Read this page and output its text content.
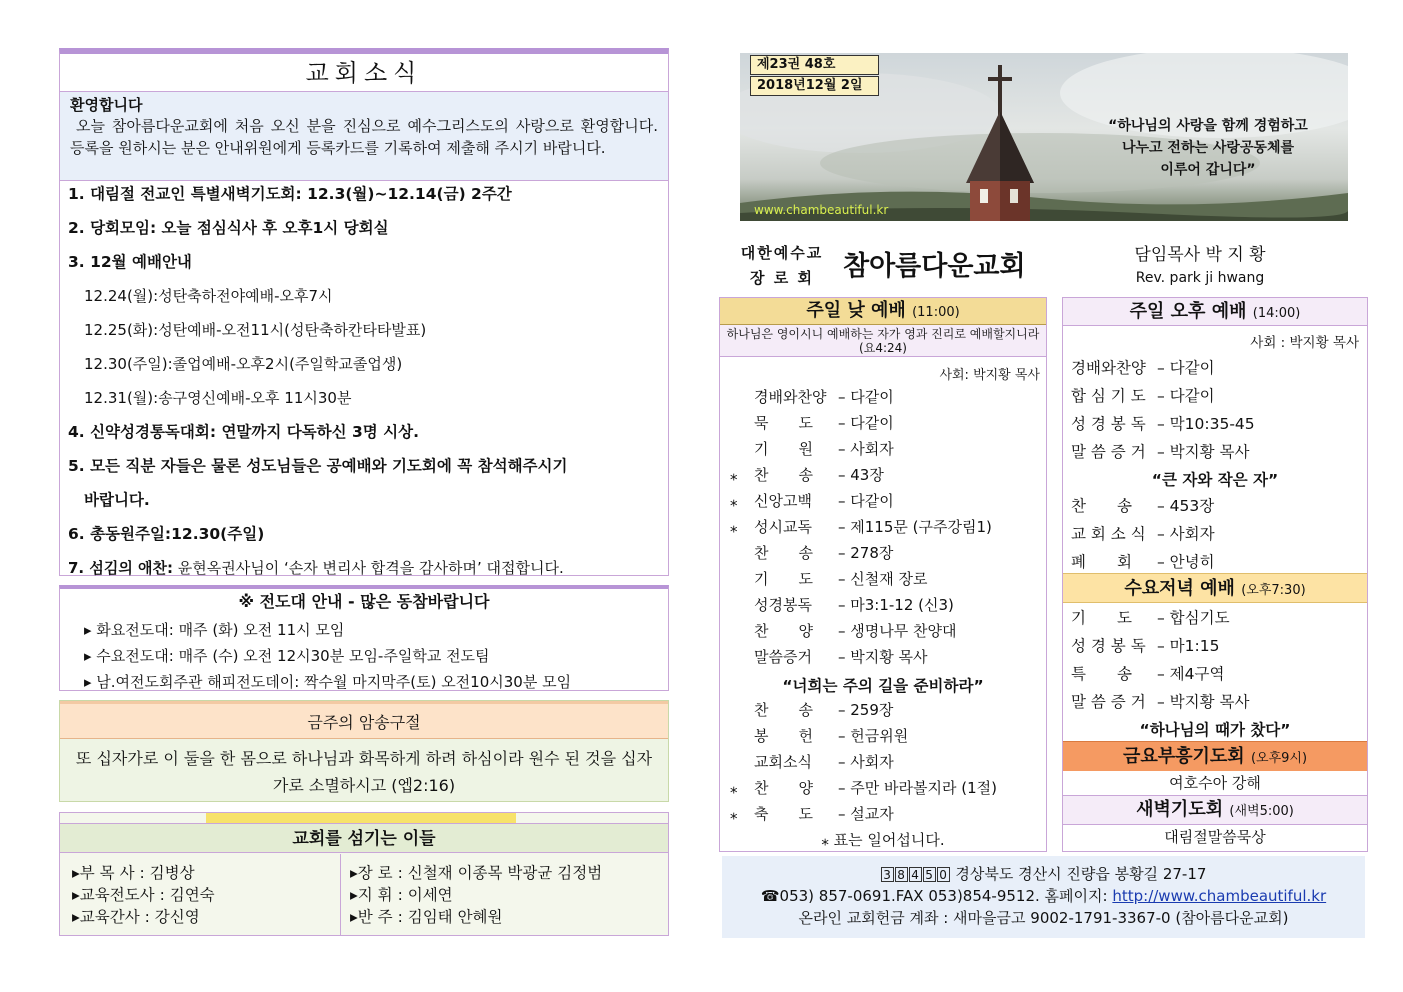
교회소식
환영합니다
오늘 참아름다운교회에 처음 오신 분을 진심으로 예수그리스도의 사랑으로 환영합니다. 등록을 원하시는 분은 안내위원에게 등록카드를 기록하여 제출해 주시기 바랍니다.
1. 대림절 전교인 특별새벽기도회: 12.3(월)~12.14(금) 2주간
2. 당회모임: 오늘 점심식사 후 오후1시 당회실
3. 12월 예배안내
12.24(월):성탄축하전야예배-오후7시
12.25(화):성탄예배-오전11시(성탄축하칸타타발표)
12.30(주일):졸업예배-오후2시(주일학교졸업생)
12.31(월):송구영신예배-오후 11시30분
4. 신약성경통독대회: 연말까지 다독하신 3명 시상.
5. 모든 직분 자들은 물론 성도님들은 공예배와 기도회에 꼭 참석해주시기
바랍니다.
6. 총동원주일:12.30(주일)
7. 섬김의 애찬: 윤현옥권사님이 ‘손자 변리사 합격을 감사하며’ 대접합니다.
※ 전도대 안내 - 많은 동참바랍니다
▸ 화요전도대: 매주 (화) 오전 11시 모임
▸ 수요전도대: 매주 (수) 오전 12시30분 모임-주일학교 전도팀
▸ 남.여전도회주관 해피전도데이: 짝수월 마지막주(토) 오전10시30분 모임
금주의 암송구절
또 십자가로 이 둘을 한 몸으로 하나님과 화목하게 하려 하심이라 원수 된 것을 십자가로 소멸하시고 (엡2:16)
교회를 섬기는 이들
▸부 목 사 : 김병상
▸교육전도사 : 김연숙
▸교육간사 : 강신영
▸장 로 : 신철재 이종목 박광균 김정범
▸지 휘 : 이세연
▸반 주 : 김임태 안혜원
제23권 48호
2018년12월 2일
“하나님의 사랑을 함께 경험하고
나누고 전하는 사랑공동체를
이루어 갑니다”
www.chambeautiful.kr
대한예수교
장 로 회	참아름다운교회	담임목사 박 지 황
Rev. park ji hwang
주일 낮 예배 (11:00)
하나님은 영이시니 예배하는 자가 영과 진리로 예배할지니라(요4:24)
사회: 박지황 목사
경배와찬양 – 다같이
묵　　도 – 다같이
기　　원 – 사회자
⁎ 찬　　송 – 43장
⁎ 신앙고백 – 다같이
⁎ 성시교독 – 제115문 (구주강림1)
찬　　송 – 278장
기　　도 – 신철재 장로
성경봉독 – 마3:1-12 (신3)
찬　　양 – 생명나무 찬양대
말씀증거 – 박지황 목사
“너희는 주의 길을 준비하라”
찬　　송 – 259장
봉　　헌 – 헌금위원
교회소식 – 사회자
⁎ 찬　　양 – 주만 바라볼지라 (1절)
⁎ 축　　도 – 설교자
⁎ 표는 일어섭니다.
주일 오후 예배 (14:00)
사회 : 박지황 목사
경배와찬양 – 다같이
합 심 기 도 – 다같이
성 경 봉 독 – 막10:35-45
말 씀 증 거 – 박지황 목사
“큰 자와 작은 자”
찬　　송 – 453장
교 회 소 식 – 사회자
폐　　회 – 안녕히
수요저녁 예배 (오후7:30)
기　　도 – 합심기도
성 경 봉 독 – 마1:15
특　　송 – 제4구역
말 씀 증 거 – 박지황 목사
“하나님의 때가 찼다”
금요부흥기도회 (오후9시)
여호수아 강해
새벽기도회 (새벽5:00)
대림절말씀묵상
3 8 4 5 0 경상북도 경산시 진량읍 봉황길 27-17
☎053) 857-0691.FAX 053)854-9512. 홈페이지: http://www.chambeautiful.kr
온라인 교회헌금 계좌 : 새마을금고 9002-1791-3367-0 (참아름다운교회)
